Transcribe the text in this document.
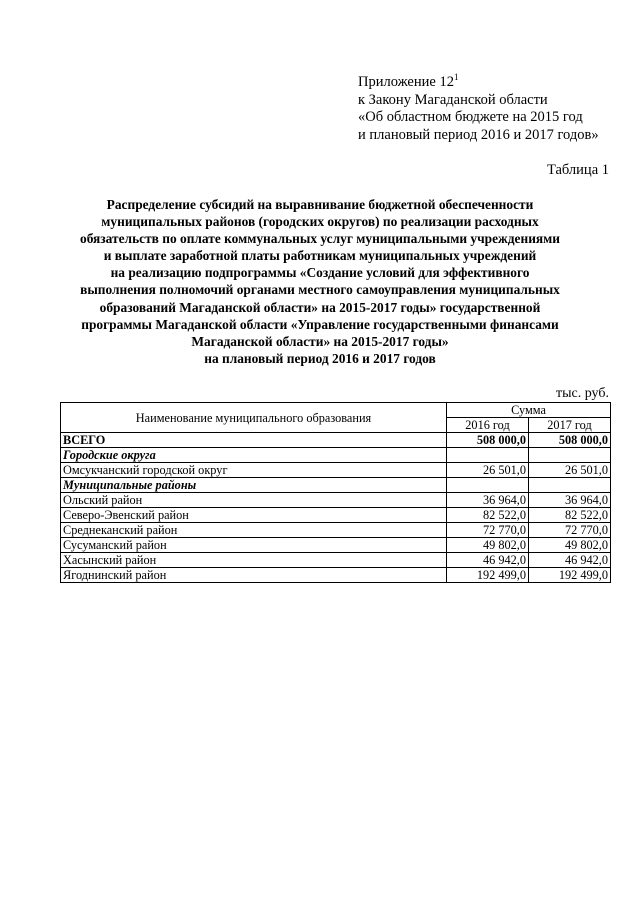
Приложение $12^1$
к Закону Магаданской области
«Об областном бюджете на 2015 год
и плановый период 2016 и 2017 годов»
Таблица 1
Распределение субсидий на выравнивание бюджетной обеспеченности
муниципальных районов (городских округов) по реализации расходных
обязательств по оплате коммунальных услуг муниципальными учреждениями
и выплате заработной платы работникам муниципальных учреждений
на реализацию подпрограммы «Создание условий для эффективного
выполнения полномочий органами местного самоуправления муниципальных
образований Магаданской области» на 2015-2017 годы» государственной
программы Магаданской области «Управление государственными финансами
Магаданской области» на 2015-2017 годы»
на плановый период 2016 и 2017 годов
тыс. руб.
Наименование муниципального образования	Сумма	
	2016 год	2017 год
ВСЕГО	508 000,0	508 000,0
Городские округа		
Омсукчанский городской округ	26 501,0	26 501,0
Муниципальные районы		
Ольский район	36 964,0	36 964,0
Северо-Эвенский район	82 522,0	82 522,0
Среднеканский район	72 770,0	72 770,0
Сусуманский район	49 802,0	49 802,0
Хасынский район	46 942,0	46 942,0
Ягоднинский район	192 499,0	192 499,0
